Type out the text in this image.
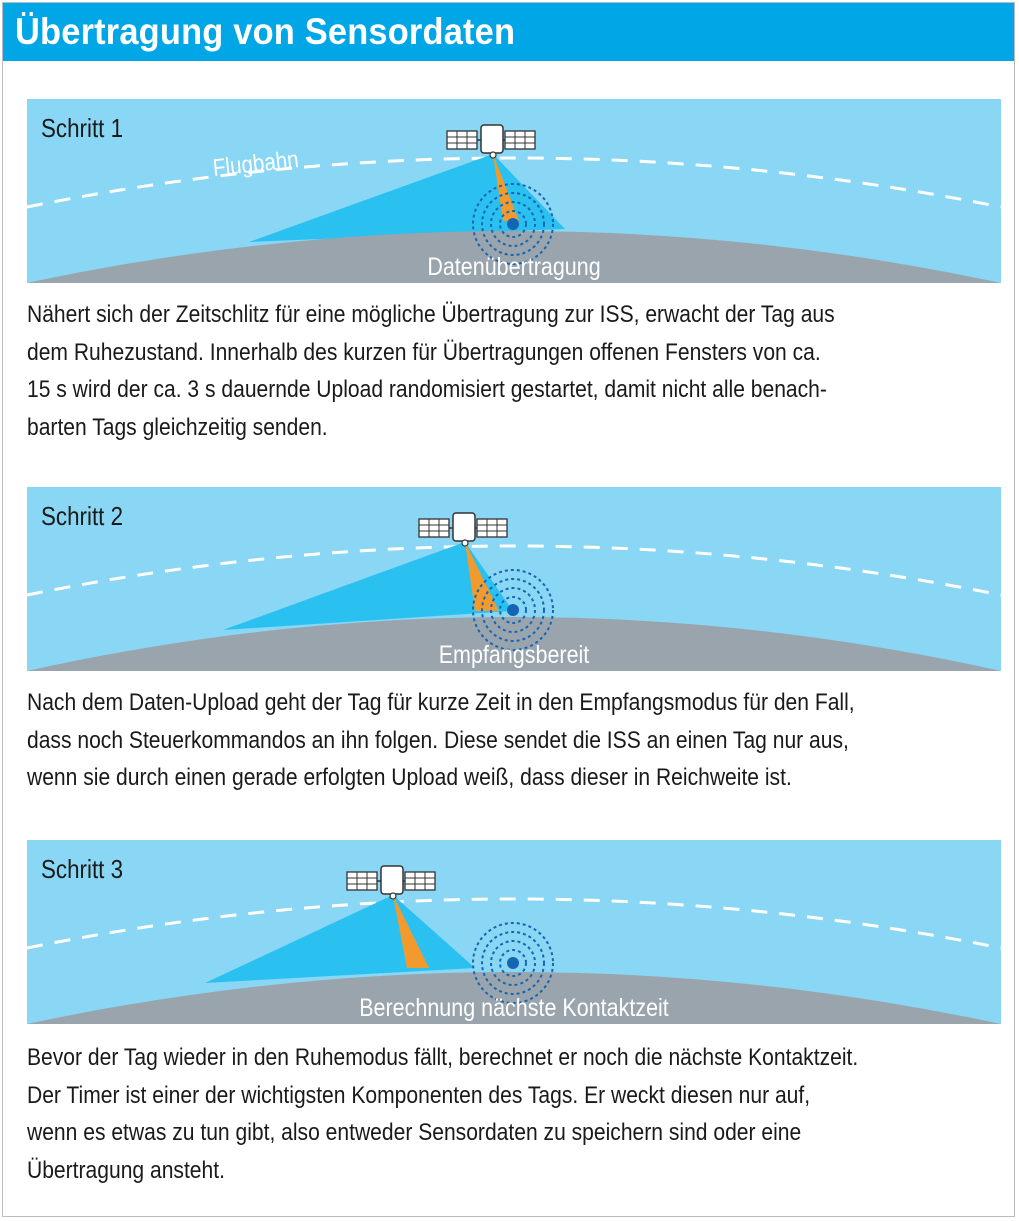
Übertragung von Sensordaten
Schritt 1
Flugbahn
Datenübertragung
Nähert sich der Zeitschlitz für eine mögliche Übertragung zur ISS, erwacht der Tag aus
dem Ruhezustand. Innerhalb des kurzen für Übertragungen offenen Fensters von ca.
15 s wird der ca. 3 s dauernde Upload randomisiert gestartet, damit nicht alle benach-
barten Tags gleichzeitig senden.
Schritt 2
Empfangsbereit
Nach dem Daten-Upload geht der Tag für kurze Zeit in den Empfangsmodus für den Fall,
dass noch Steuerkommandos an ihn folgen. Diese sendet die ISS an einen Tag nur aus,
wenn sie durch einen gerade erfolgten Upload weiß, dass dieser in Reichweite ist.
Schritt 3
Berechnung nächste Kontaktzeit
Bevor der Tag wieder in den Ruhemodus fällt, berechnet er noch die nächste Kontaktzeit.
Der Timer ist einer der wichtigsten Komponenten des Tags. Er weckt diesen nur auf,
wenn es etwas zu tun gibt, also entweder Sensordaten zu speichern sind oder eine
Übertragung ansteht.
